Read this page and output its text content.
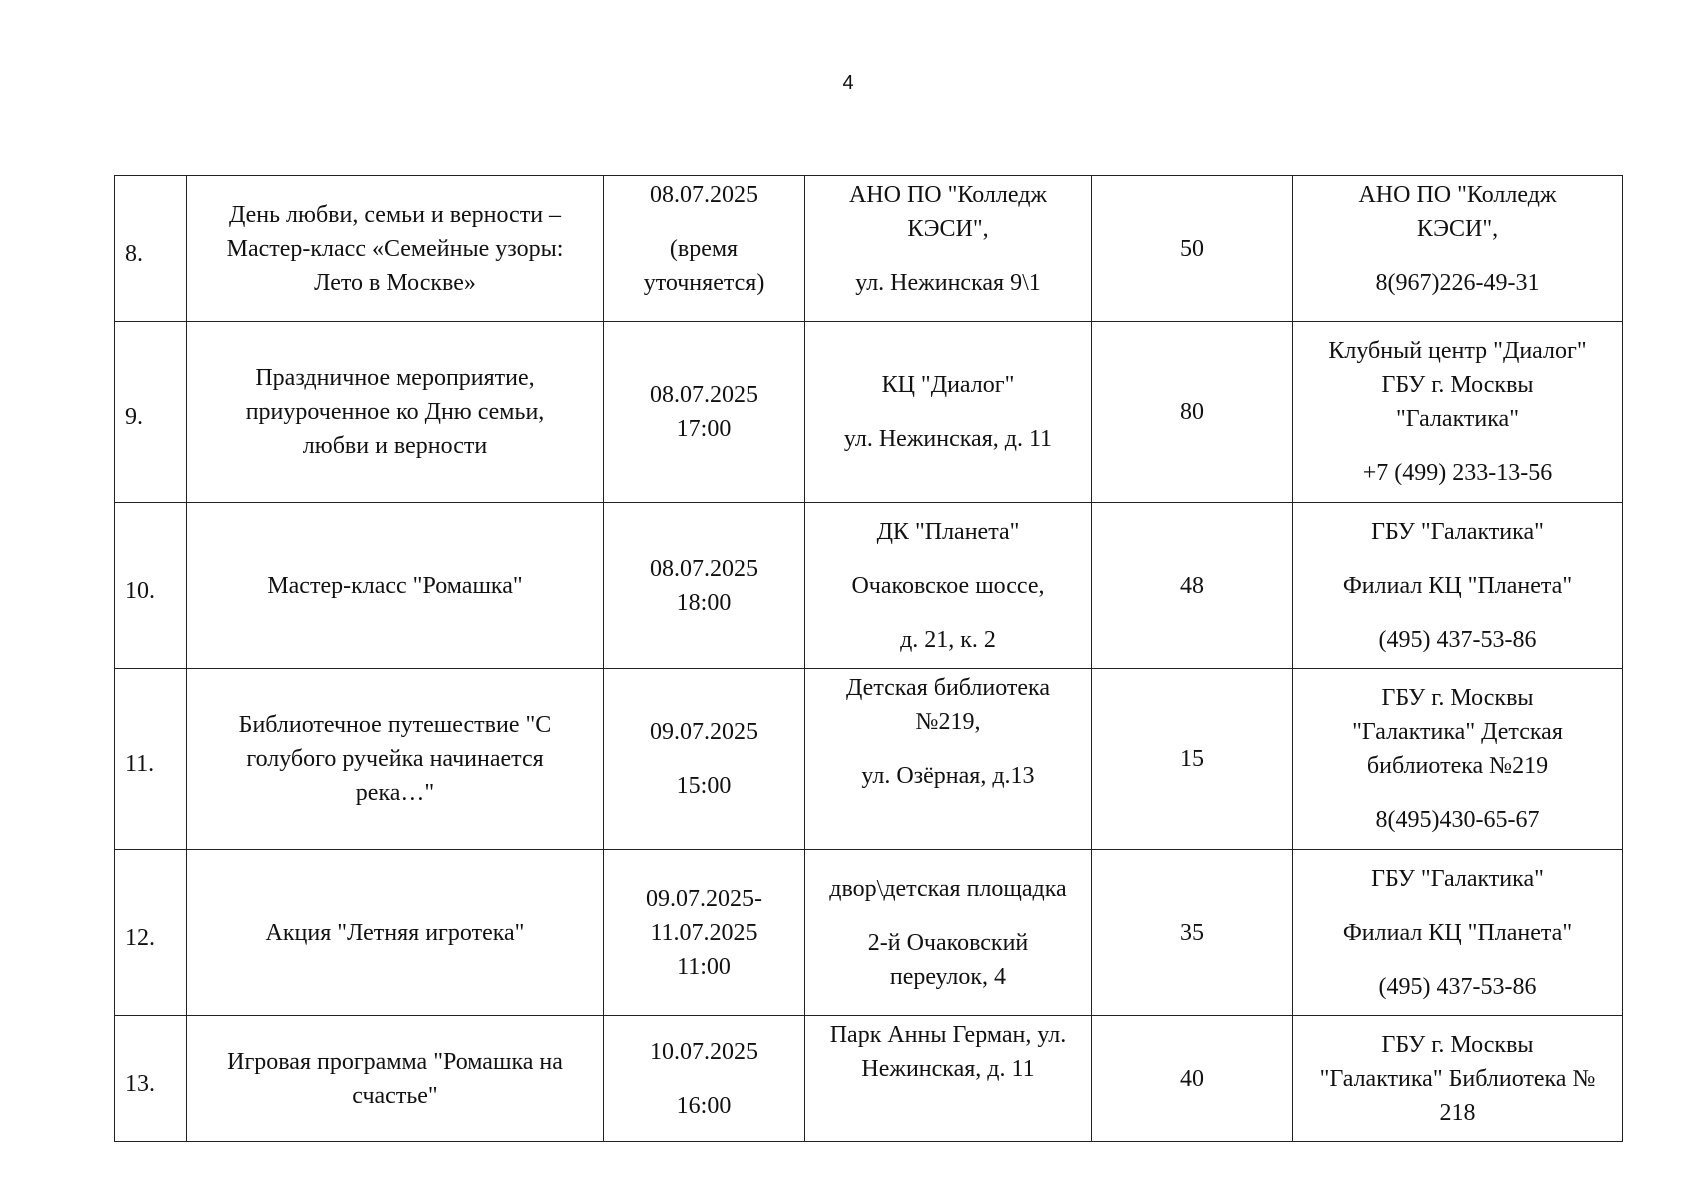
4
8.	День любви, семьи и верности –
Мастер-класс «Семейные узоры:
Лето в Москве»	08.07.2025
(время
уточняется)	АНО ПО "Колледж
КЭСИ",
ул. Нежинская 9\1	50	АНО ПО "Колледж
КЭСИ",
8(967)226-49-31

9.	Праздничное мероприятие,
приуроченное ко Дню семьи,
любви и верности	08.07.2025
17:00	КЦ "Диалог"
ул. Нежинская, д. 11	80	Клубный центр "Диалог"
ГБУ г. Москвы
"Галактика"
+7 (499) 233-13-56

10.	Мастер-класс "Ромашка"	08.07.2025
18:00	ДК "Планета"
Очаковское шоссе,
д. 21, к. 2	48	ГБУ "Галактика"
Филиал КЦ "Планета"
(495) 437-53-86

11.	Библиотечное путешествие "С
голубого ручейка начинается
река…"	09.07.2025
15:00	Детская библиотека
№219,
ул. Озёрная, д.13	15	ГБУ г. Москвы
"Галактика" Детская
библиотека №219
8(495)430-65-67

12.	Акция "Летняя игротека"	09.07.2025-
11.07.2025
11:00	двор\детская площадка
2-й Очаковский
переулок, 4	35	ГБУ "Галактика"
Филиал КЦ "Планета"
(495) 437-53-86

13.	Игровая программа "Ромашка на
счастье"	10.07.2025
16:00	Парк Анны Герман, ул.
Нежинская, д. 11	40	ГБУ г. Москвы
"Галактика" Библиотека №
218
